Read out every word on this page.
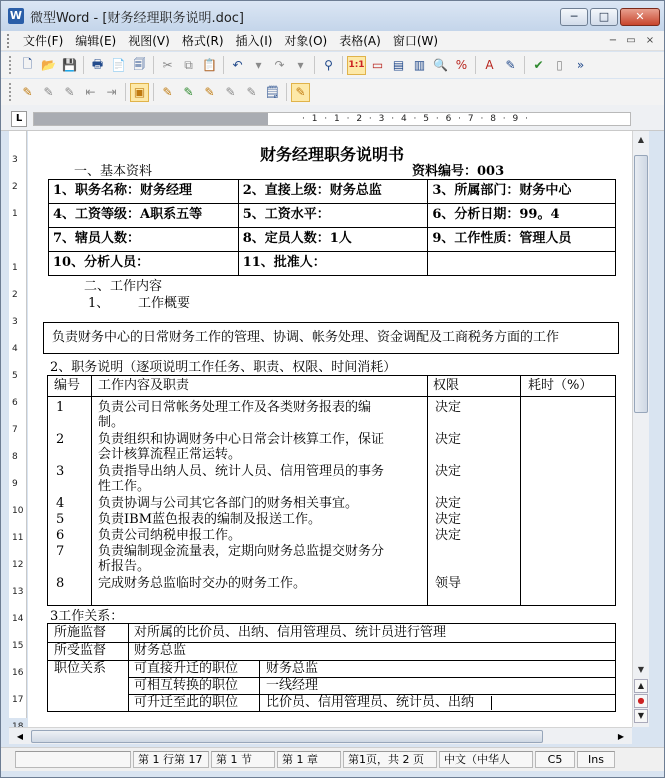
W 微型Word - [财务经理职务说明.doc]	─	□	✕
文件(F)	编辑(E)	视图(V)	格式(R)	插入(I)	对象(O)	表格(A)	窗口(W)	− ▭	×
🗋 📂 💾	🖶 📄 🗐	✂ ⧉ 📋	↶	▾	↷	▾	⚲	1:1 ▭ ▤ ▥ 🔍 %	A ✎	✔	▯	»
✎ ✎ ✎ ⇤ ⇥	▣	✎ ✎ ✎ ✎ ✎ 🗒	✎
L	· 1 · 1 · 2 · 3 · 4 · 5 · 6 · 7 · 8 · 9 ·
3
2
1
1
2
3
4
5
6
7
8
9
10
11
12
13
14
15
16
17
财务经理职务说明书
一、基本资料	资料编号：003
1、职务名称：财务经理	2、直接上级：财务总监	3、所属部门：财务中心
4、工资等级：A职系五等	5、工资水平：	6、分析日期：99。4
7、辖员人数：	8、定员人数：1人	9、工作性质：管理人员
10、分析人员：	11、批准人：	
二、工作内容
1、 工作概要
负责财务中心的日常财务工作的管理、协调、帐务处理、资金调配及工商税务方面的工作
2、职务说明（逐项说明工作任务、职责、权限、时间消耗）
编号 工作内容及职责	权限	耗时（%）
1	负责公司日常帐务处理工作及各类财务报表的编
制。
决定
2	负责组织和协调财务中心日常会计核算工作，保证
会计核算流程正常运转。
决定
3	负责指导出纳人员、统计人员、信用管理员的事务
性工作。
决定
4	负责协调与公司其它各部门的财务相关事宜。	决定
5	负责IBM蓝色报表的编制及报送工作。	决定
6	负责公司纳税申报工作。	决定
7	负责编制现金流量表，定期向财务总监提交财务分
析报告。
8	完成财务总监临时交办的财务工作。	领导
3工作关系：
所施监督 对所属的比价员、出纳、信用管理员、统计员进行管理
所受监督 财务总监
职位关系 可直接升迁的职位 财务总监
可相互转换的职位 一线经理
可升迁至此的职位 比价员、信用管理员、统计员、出纳
▲
▼
▲
●
▼
◀	▶
第 1 行第 17	第 1 节	第 1 章	第1页，共 2 页	中文（中华人	C5	Ins
